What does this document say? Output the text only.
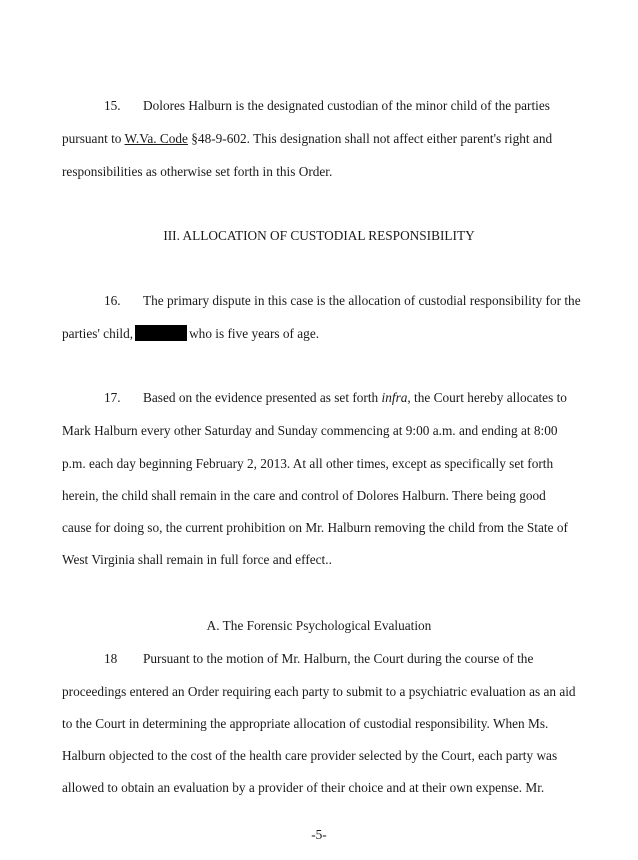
15. Dolores Halburn is the designated custodian of the minor child of the parties
pursuant to W.Va. Code §48-9-602. This designation shall not affect either parent's right and
responsibilities as otherwise set forth in this Order.
III. ALLOCATION OF CUSTODIAL RESPONSIBILITY
16. The primary dispute in this case is the allocation of custodial responsibility for the
parties' child,	who is five years of age.
17. Based on the evidence presented as set forth infra, the Court hereby allocates to
Mark Halburn every other Saturday and Sunday commencing at 9:00 a.m. and ending at 8:00
p.m. each day beginning February 2, 2013. At all other times, except as specifically set forth
herein, the child shall remain in the care and control of Dolores Halburn. There being good
cause for doing so, the current prohibition on Mr. Halburn removing the child from the State of
West Virginia shall remain in full force and effect..
A. The Forensic Psychological Evaluation
18 Pursuant to the motion of Mr. Halburn, the Court during the course of the
proceedings entered an Order requiring each party to submit to a psychiatric evaluation as an aid
to the Court in determining the appropriate allocation of custodial responsibility. When Ms.
Halburn objected to the cost of the health care provider selected by the Court, each party was
allowed to obtain an evaluation by a provider of their choice and at their own expense. Mr.
-5-
